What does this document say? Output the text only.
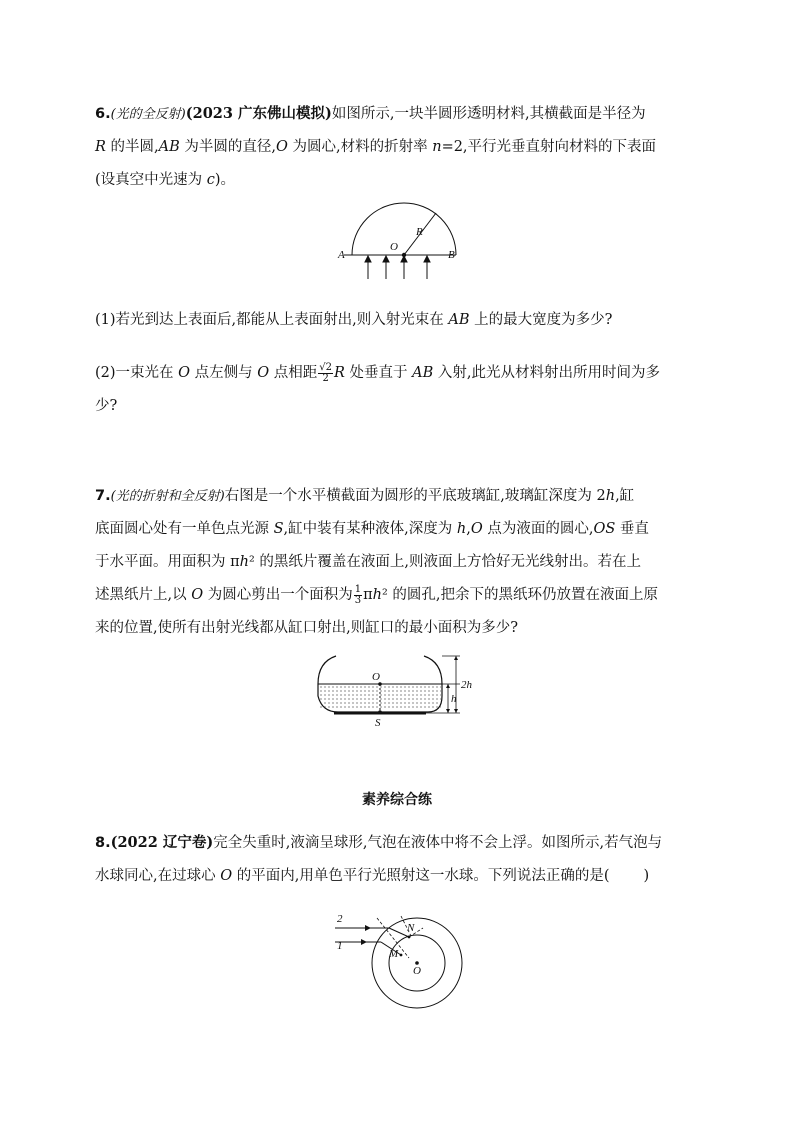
6.(光的全反射)(2023 广东佛山模拟)如图所示,一块半圆形透明材料,其横截面是半径为
R 的半圆,AB 为半圆的直径,O 为圆心,材料的折射率 n=2,平行光垂直射向材料的下表面
(设真空中光速为 c)。
A	B
O
R
(1)若光到达上表面后,都能从上表面射出,则入射光束在 AB 上的最大宽度为多少?
(2)一束光在 O 点左侧与 O 点相距 $\frac{√2}{2}$ R 处垂直于 AB 入射,此光从材料射出所用时间为多
少?
7.(光的折射和全反射)右图是一个水平横截面为圆形的平底玻璃缸,玻璃缸深度为 2h,缸
底面圆心处有一单色点光源 S,缸中装有某种液体,深度为 h,O 点为液面的圆心,OS 垂直
于水平面。用面积为 πh² 的黑纸片覆盖在液面上,则液面上方恰好无光线射出。若在上
述黑纸片上,以 O 为圆心剪出一个面积为 $\frac{1}{3} \pi h^2$ 的圆孔,把余下的黑纸环仍放置在液面上原
来的位置,使所有出射光线都从缸口射出,则缸口的最小面积为多少?
O
S
2h
h
素养综合练
8.(2022 辽宁卷)完全失重时,液滴呈球形,气泡在液体中将不会上浮。如图所示,若气泡与
水球同心,在过球心 O 的平面内,用单色平行光照射这一水球。下列说法正确的是( )
2
1
N
M
O
